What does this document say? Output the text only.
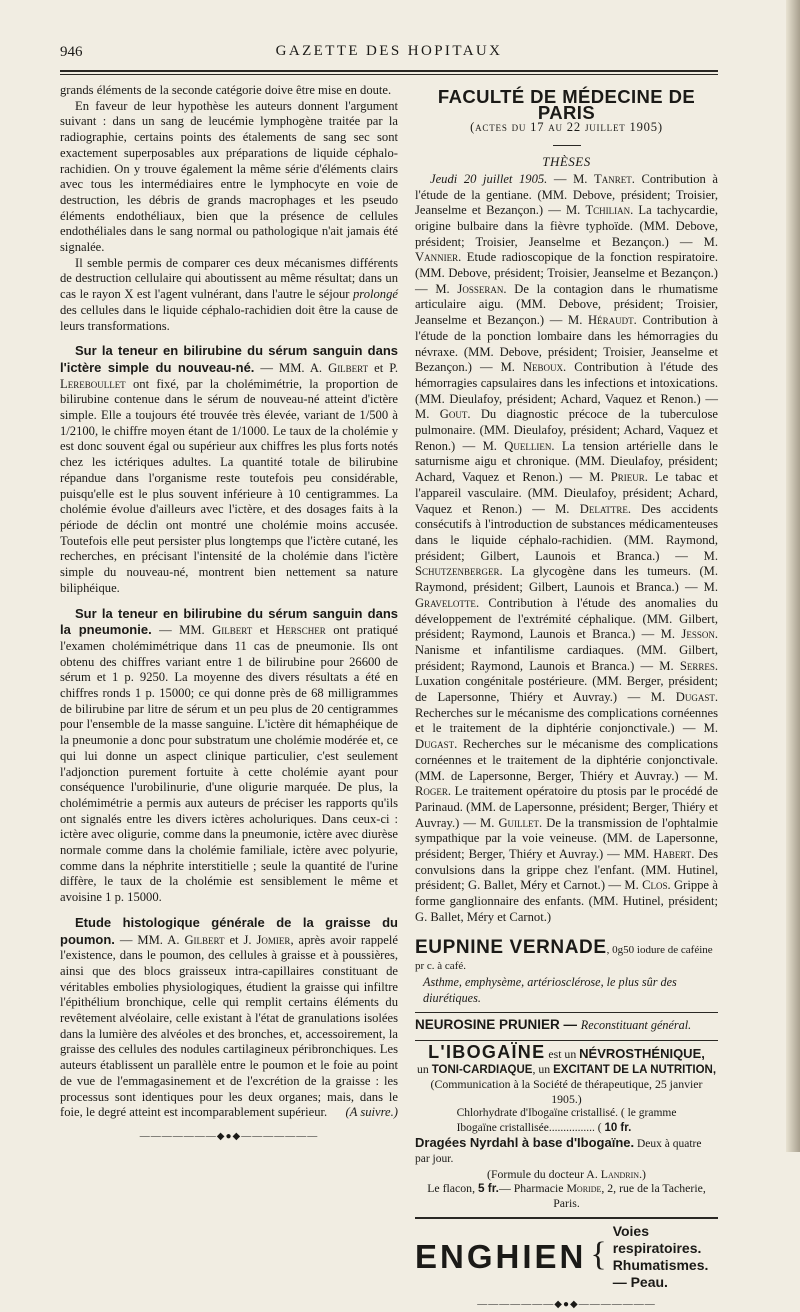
946	GAZETTE DES HOPITAUX

grands éléments de la seconde catégorie doive être mise en doute.

En faveur de leur hypothèse les auteurs donnent l'argument suivant : dans un sang de leucémie lymphogène traitée par la radiographie, certains points des étalements de sang sec sont exactement superposables aux préparations de liquide céphalo-rachidien. On y trouve également la même série d'éléments clairs avec tous les intermédiaires entre le lymphocyte en voie de destruction, les débris de grands macrophages et les pseudo éléments endothéliaux, bien que la présence de cellules endothéliales dans le sang normal ou pathologique n'ait jamais été signalée.

Il semble permis de comparer ces deux mécanismes différents de destruction cellulaire qui aboutissent au même résultat; dans un cas le rayon X est l'agent vulnérant, dans l'autre le séjour prolongé des cellules dans le liquide céphalo-rachidien doit être la cause de leurs transformations.

Sur la teneur en bilirubine du sérum sanguin dans l'ictère simple du nouveau-né. — MM. A. Gilbert et P. Lereboullet ont fixé, par la cholémimétrie, la proportion de bilirubine contenue dans le sérum de nouveau-né atteint d'ictère simple. Elle a toujours été trouvée très élevée, variant de 1/500 à 1/2100, le chiffre moyen étant de 1/1000. Le taux de la cholémie y est donc souvent égal ou supérieur aux chiffres les plus forts notés chez les ictériques adultes. La quantité totale de bilirubine répandue dans l'organisme reste toutefois peu considérable, puisqu'elle est le plus souvent inférieure à 10 centigrammes. La cholémie évolue d'ailleurs avec l'ictère, et des dosages faits à la période de déclin ont montré une cholémie moins accusée. Toutefois elle peut persister plus longtemps que l'ictère cutané, les recherches, en précisant l'intensité de la cholémie dans l'ictère simple du nouveau-né, montrent bien nettement sa nature biliphéique.

Sur la teneur en bilirubine du sérum sanguin dans la pneumonie. — MM. Gilbert et Herscher ont pratiqué l'examen cholémimétrique dans 11 cas de pneumonie. Ils ont obtenu des chiffres variant entre 1 de bilirubine pour 26600 de sérum et 1 p. 9250. La moyenne des divers résultats a été en chiffres ronds 1 p. 15000; ce qui donne près de 68 milligrammes de bilirubine par litre de sérum et un peu plus de 20 centigrammes pour l'ensemble de la masse sanguine. L'ictère dit hémaphéique de la pneumonie a donc pour substratum une cholémie modérée et, ce qui lui donne un aspect clinique particulier, c'est seulement l'adjonction purement fortuite à cette cholémie ayant pour conséquence l'urobilinurie, d'une oligurie marquée. De plus, la cholémimétrie a permis aux auteurs de préciser les rapports qu'ils ont signalés entre les divers ictères acholuriques. Dans ceux-ci : ictère avec oligurie, comme dans la pneumonie, ictère avec diurèse normale comme dans la cholémie familiale, ictère avec polyurie, comme dans la néphrite interstitielle ; seule la quantité de l'urine diffère, le taux de la cholémie est sensiblement le même et avoisine 1 p. 15000.

Etude histologique générale de la graisse du poumon. — MM. A. Gilbert et J. Jomier, après avoir rappelé l'existence, dans le poumon, des cellules à graisse et à poussières, ainsi que des blocs graisseux intra-capillaires constituant de véritables embolies physiologiques, étudient la graisse qui infiltre l'épithélium bronchique, celle qui remplit certains éléments du revêtement alvéolaire, celle existant à l'état de granulations isolées dans la lumière des alvéoles et des bronches, et, accessoirement, la graisse des cellules des nodules cartilagineux péribronchiques. Les auteurs établissent un parallèle entre le poumon et le foie au point de vue de l'emmagasinement et de l'excrétion de la graisse : les processus sont identiques pour les deux organes; mais, dans le foie, le degré atteint est incomparablement supérieur.	(A suivre.)

———————◆●◆———————
FACULTÉ DE MÉDECINE DE PARIS
(actes du 17 au 22 juillet 1905)
THÈSES

Jeudi 20 juillet 1905. — M. Tanret. Contribution à l'étude de la gentiane. (MM. Debove, président; Troisier, Jeanselme et Bezançon.) — M. Tchilian. La tachycardie, origine bulbaire dans la fièvre typhoïde. (MM. Debove, président; Troisier, Jeanselme et Bezançon.) — M. Vannier. Etude radioscopique de la fonction respiratoire. (MM. Debove, président; Troisier, Jeanselme et Bezançon.) — M. Josseran. De la contagion dans le rhumatisme articulaire aigu. (MM. Debove, président; Troisier, Jeanselme et Bezançon.) — M. Héraudt. Contribution à l'étude de la ponction lombaire dans les hémorragies du névraxe. (MM. Debove, président; Troisier, Jeanselme et Bezançon.) — M. Neboux. Contribution à l'étude des hémorragies capsulaires dans les infections et intoxications. (MM. Dieulafoy, président; Achard, Vaquez et Renon.) — M. Gout. Du diagnostic précoce de la tuberculose pulmonaire. (MM. Dieulafoy, président; Achard, Vaquez et Renon.) — M. Quellien. La tension artérielle dans le saturnisme aigu et chronique. (MM. Dieulafoy, président; Achard, Vaquez et Renon.) — M. Prieur. Le tabac et l'appareil vasculaire. (MM. Dieulafoy, président; Achard, Vaquez et Renon.) — M. Delattre. Des accidents consécutifs à l'introduction de substances médicamenteuses dans le liquide céphalo-rachidien. (MM. Raymond, président; Gilbert, Launois et Branca.) — M. Schutzenberger. La glycogène dans les tumeurs. (M. Raymond, président; Gilbert, Launois et Branca.) — M. Gravelotte. Contribution à l'étude des anomalies du développement de l'extrémité céphalique. (MM. Gilbert, président; Raymond, Launois et Branca.) — M. Jesson. Nanisme et infantilisme cardiaques. (MM. Gilbert, président; Raymond, Launois et Branca.) — M. Serres. Luxation congénitale postérieure. (MM. Berger, président; de Lapersonne, Thiéry et Auvray.) — M. Dugast. Recherches sur le mécanisme des complications cornéennes et le traitement de la diphtérie conjonctivale.) — M. Dugast. Recherches sur le mécanisme des complications cornéennes et le traitement de la diphtérie conjonctivale. (MM. de Lapersonne, Berger, Thiéry et Auvray.) — M. Roger. Le traitement opératoire du ptosis par le procédé de Parinaud. (MM. de Lapersonne, président; Berger, Thiéry et Auvray.) — M. Guillet. De la transmission de l'ophtalmie sympathique par la voie veineuse. (MM. de Lapersonne, président; Berger, Thiéry et Auvray.) — MM. Habert. Des convulsions dans la grippe chez l'enfant. (MM. Hutinel, président; G. Ballet, Méry et Carnot.) — M. Clos. Grippe à forme ganglionnaire des enfants. (MM. Hutinel, président; G. Ballet, Méry et Carnot.)

EUPNINE VERNADE, 0g50 iodure de caféine pr c. à café.
Asthme, emphysème, artériosclérose, le plus sûr des diurétiques.
NEUROSINE PRUNIER — Reconstituant général.
L'IBOGAÏNE est un NÉVROSTHÉNIQUE,
un TONI-CARDIAQUE, un EXCITANT DE LA NUTRITION,
(Communication à la Société de thérapeutique, 25 janvier 1905.)
Chlorhydrate d'Ibogaïne cristallisé. ( le gramme
Ibogaïne cristallisée................ ( 10 fr.
Dragées Nyrdahl à base d'Ibogaïne. Deux à quatre par jour.
(Formule du docteur A. Landrin.)
Le flacon, 5 fr.— Pharmacie Moride, 2, rue de la Tacherie, Paris.
ENGHIEN {
Voies respiratoires.
Rhumatismes. — Peau.
———————◆●◆———————
